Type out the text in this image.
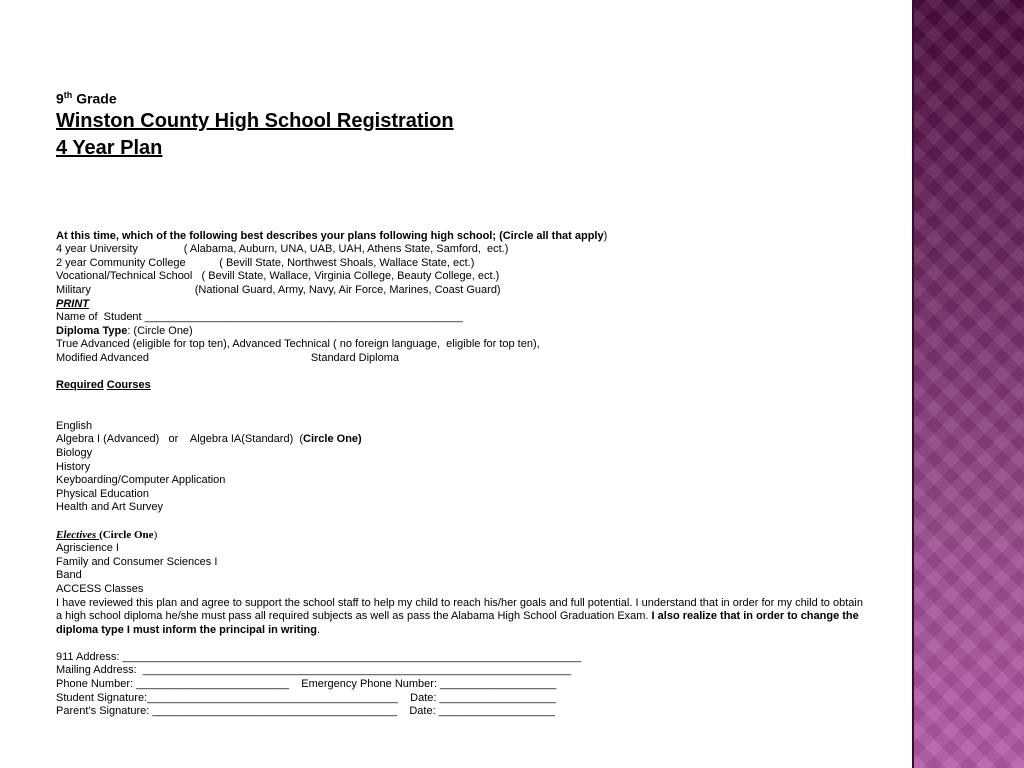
9th Grade

Winston County High School Registration

4 Year Plan

At this time, which of the following best describes your plans following high school; (Circle all that apply)
4 year University               ( Alabama, Auburn, UNA, UAB, UAH, Athens State, Samford,  ect.)
2 year Community College           ( Bevill State, Northwest Shoals, Wallace State, ect.)
Vocational/Technical School   ( Bevill State, Wallace, Virginia College, Beauty College, ect.)
Military                                  (National Guard, Army, Navy, Air Force, Marines, Coast Guard)
PRINT
Name of  Student ____________________________________________________
Diploma Type: (Circle One)
True Advanced (eligible for top ten), Advanced Technical ( no foreign language,  eligible for top ten),
Modified Advanced                                                     Standard Diploma
Required Courses
English
Algebra I (Advanced)   or    Algebra IA(Standard)  (Circle One)
Biology
History
Keyboarding/Computer Application
Physical Education
Health and Art Survey
Electives (Circle One)
Agriscience I
Family and Consumer Sciences I
Band
ACCESS Classes
I have reviewed this plan and agree to support the school staff to help my child to reach his/her goals and full potential. I understand that in order for my child to obtain a high school diploma he/she must pass all required subjects as well as pass the Alabama High School Graduation Exam. I also realize that in order to change the diploma type I must inform the principal in writing.
911 Address: ___________________________________________________________________________
Mailing Address:  ______________________________________________________________________
Phone Number: _________________________    Emergency Phone Number: ___________________
Student Signature:_________________________________________    Date: ___________________
Parent’s Signature: ________________________________________    Date: ___________________
